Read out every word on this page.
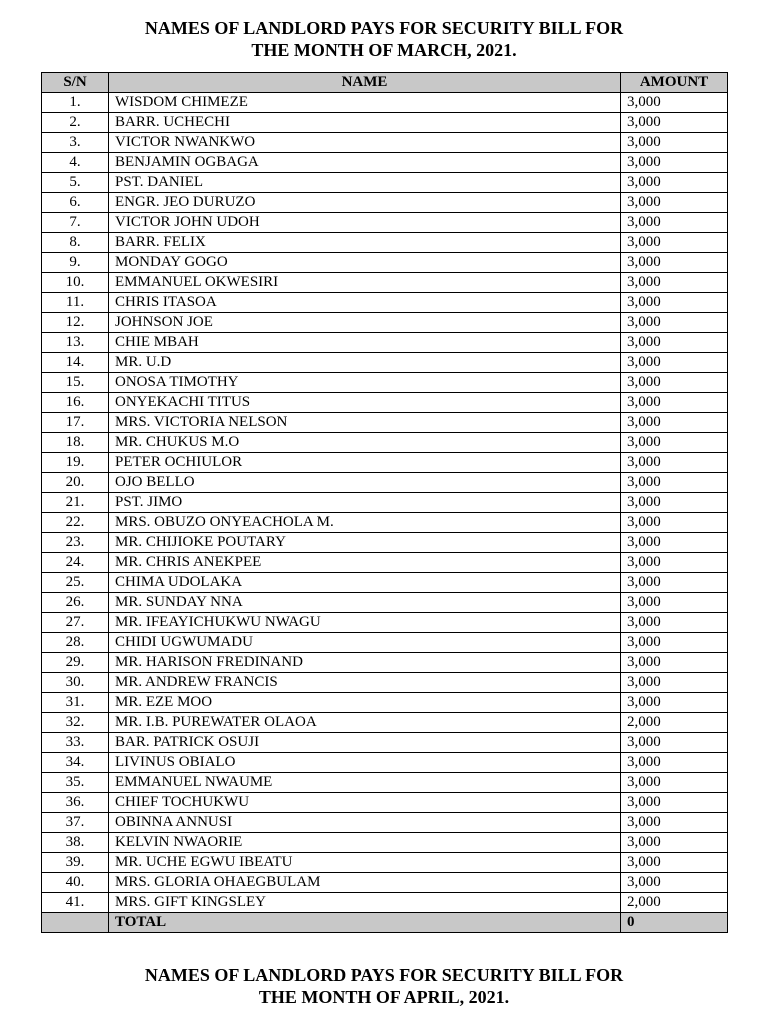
NAMES OF LANDLORD PAYS FOR SECURITY BILL FOR
THE MONTH OF MARCH, 2021.
S/N	NAME	AMOUNT
1.	WISDOM CHIMEZE	3,000
2.	BARR. UCHECHI	3,000
3.	VICTOR NWANKWO	3,000
4.	BENJAMIN OGBAGA	3,000
5.	PST. DANIEL	3,000
6.	ENGR. JEO DURUZO	3,000
7.	VICTOR JOHN UDOH	3,000
8.	BARR. FELIX	3,000
9.	MONDAY GOGO	3,000
10.	EMMANUEL OKWESIRI	3,000
11.	CHRIS ITASOA	3,000
12.	JOHNSON JOE	3,000
13.	CHIE MBAH	3,000
14.	MR. U.D	3,000
15.	ONOSA TIMOTHY	3,000
16.	ONYEKACHI TITUS	3,000
17.	MRS. VICTORIA NELSON	3,000
18.	MR. CHUKUS M.O	3,000
19.	PETER OCHIULOR	3,000
20.	OJO BELLO	3,000
21.	PST. JIMO	3,000
22.	MRS. OBUZO ONYEACHOLA M.	3,000
23.	MR. CHIJIOKE POUTARY	3,000
24.	MR. CHRIS ANEKPEE	3,000
25.	CHIMA UDOLAKA	3,000
26.	MR. SUNDAY NNA	3,000
27.	MR. IFEAYICHUKWU NWAGU	3,000
28.	CHIDI UGWUMADU	3,000
29.	MR. HARISON FREDINAND	3,000
30.	MR. ANDREW FRANCIS	3,000
31.	MR. EZE MOO	3,000
32.	MR. I.B. PUREWATER OLAOA	2,000
33.	BAR. PATRICK OSUJI	3,000
34.	LIVINUS OBIALO	3,000
35.	EMMANUEL NWAUME	3,000
36.	CHIEF TOCHUKWU	3,000
37.	OBINNA ANNUSI	3,000
38.	KELVIN NWAORIE	3,000
39.	MR. UCHE EGWU IBEATU	3,000
40.	MRS. GLORIA OHAEGBULAM	3,000
41.	MRS. GIFT KINGSLEY	2,000
	TOTAL	0
NAMES OF LANDLORD PAYS FOR SECURITY BILL FOR
THE MONTH OF APRIL, 2021.
